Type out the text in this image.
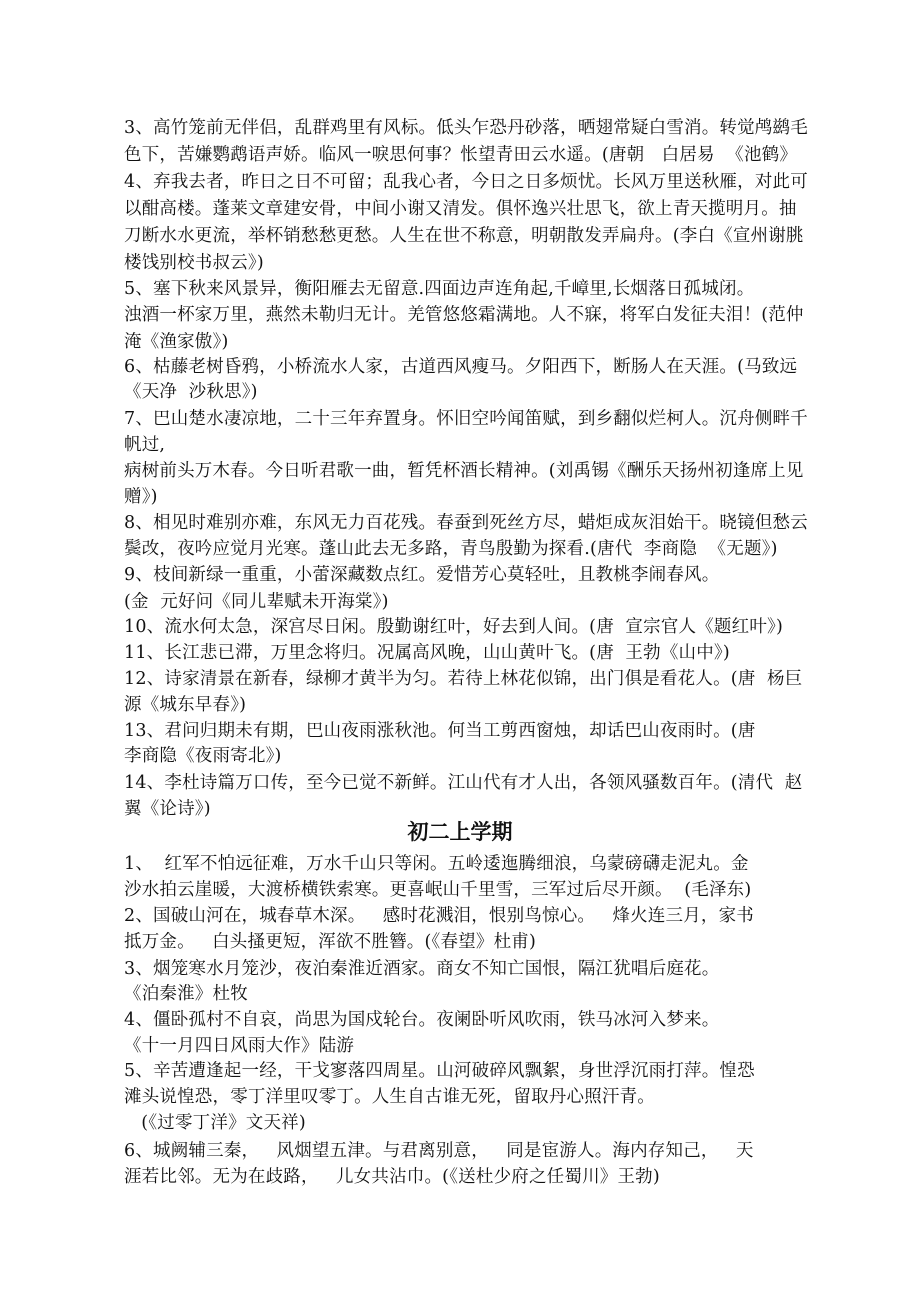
3、高竹笼前无伴侣，乱群鸡里有风标。低头乍恐丹砂落，晒翅常疑白雪消。转觉鸬鹚毛
色下，苦嫌鹦鹉语声娇。临风一唳思何事？怅望青田云水遥。(唐朝   白居易  《池鹤》
4、弃我去者，昨日之日不可留；乱我心者，今日之日多烦忧。长风万里送秋雁，对此可
以酣高楼。蓬莱文章建安骨，中间小谢又清发。俱怀逸兴壮思飞，欲上青天揽明月。抽
刀断水水更流，举杯销愁愁更愁。人生在世不称意，明朝散发弄扁舟。(李白《宣州谢朓
楼饯别校书叔云》)
5、塞下秋来风景异，衡阳雁去无留意.四面边声连角起,千嶂里,长烟落日孤城闭。
浊酒一杯家万里，燕然未勒归无计。羌管悠悠霜满地。人不寐，将军白发征夫泪！(范仲
淹《渔家傲》)
6、枯藤老树昏鸦，小桥流水人家，古道西风瘦马。夕阳西下，断肠人在天涯。(马致远
《天净  沙秋思》)
7、巴山楚水凄凉地，二十三年弃置身。怀旧空吟闻笛赋，到乡翻似烂柯人。沉舟侧畔千
帆过,
病树前头万木春。今日听君歌一曲，暂凭杯酒长精神。(刘禹锡《酬乐天扬州初逢席上见
赠》)
8、相见时难别亦难，东风无力百花残。春蚕到死丝方尽，蜡炬成灰泪始干。晓镜但愁云
鬓改，夜吟应觉月光寒。蓬山此去无多路，青鸟殷勤为探看.(唐代  李商隐  《无题》)
9、枝间新绿一重重，小蕾深藏数点红。爱惜芳心莫轻吐，且教桃李闹春风。
(金  元好问《同儿辈赋未开海棠》)
10、流水何太急，深宫尽日闲。殷勤谢红叶，好去到人间。(唐  宣宗官人《题红叶》)
11、长江悲已滞，万里念将归。况属高风晚，山山黄叶飞。(唐  王勃《山中》)
12、诗家清景在新春，绿柳才黄半为匀。若待上林花似锦，出门俱是看花人。(唐  杨巨
源《城东早春》)
13、君问归期未有期，巴山夜雨涨秋池。何当工剪西窗烛，却话巴山夜雨时。(唐
李商隐《夜雨寄北》)
14、李杜诗篇万口传，至今已觉不新鲜。江山代有才人出，各领风骚数百年。(清代  赵
翼《论诗》)
初二上学期
1、  红军不怕远征难，万水千山只等闲。五岭逶迤腾细浪，乌蒙磅礴走泥丸。金
沙水拍云崖暖，大渡桥横铁索寒。更喜岷山千里雪，三军过后尽开颜。  (毛泽东)
2、国破山河在，城春草木深。   感时花溅泪，恨别鸟惊心。   烽火连三月，家书
抵万金。   白头搔更短，浑欲不胜簪。(《春望》杜甫)
3、烟笼寒水月笼沙，夜泊秦淮近酒家。商女不知亡国恨，隔江犹唱后庭花。
《泊秦淮》杜牧
4、僵卧孤村不自哀，尚思为国戍轮台。夜阑卧听风吹雨，铁马冰河入梦来。
《十一月四日风雨大作》陆游
5、辛苦遭逢起一经，干戈寥落四周星。山河破碎风飘絮，身世浮沉雨打萍。惶恐
滩头说惶恐，零丁洋里叹零丁。人生自古谁无死，留取丹心照汗青。
(《过零丁洋》文天祥)
6、城阙辅三秦，   风烟望五津。与君离别意，   同是宦游人。海内存知己，   天
涯若比邻。无为在歧路，   儿女共沾巾。(《送杜少府之任蜀川》王勃)
